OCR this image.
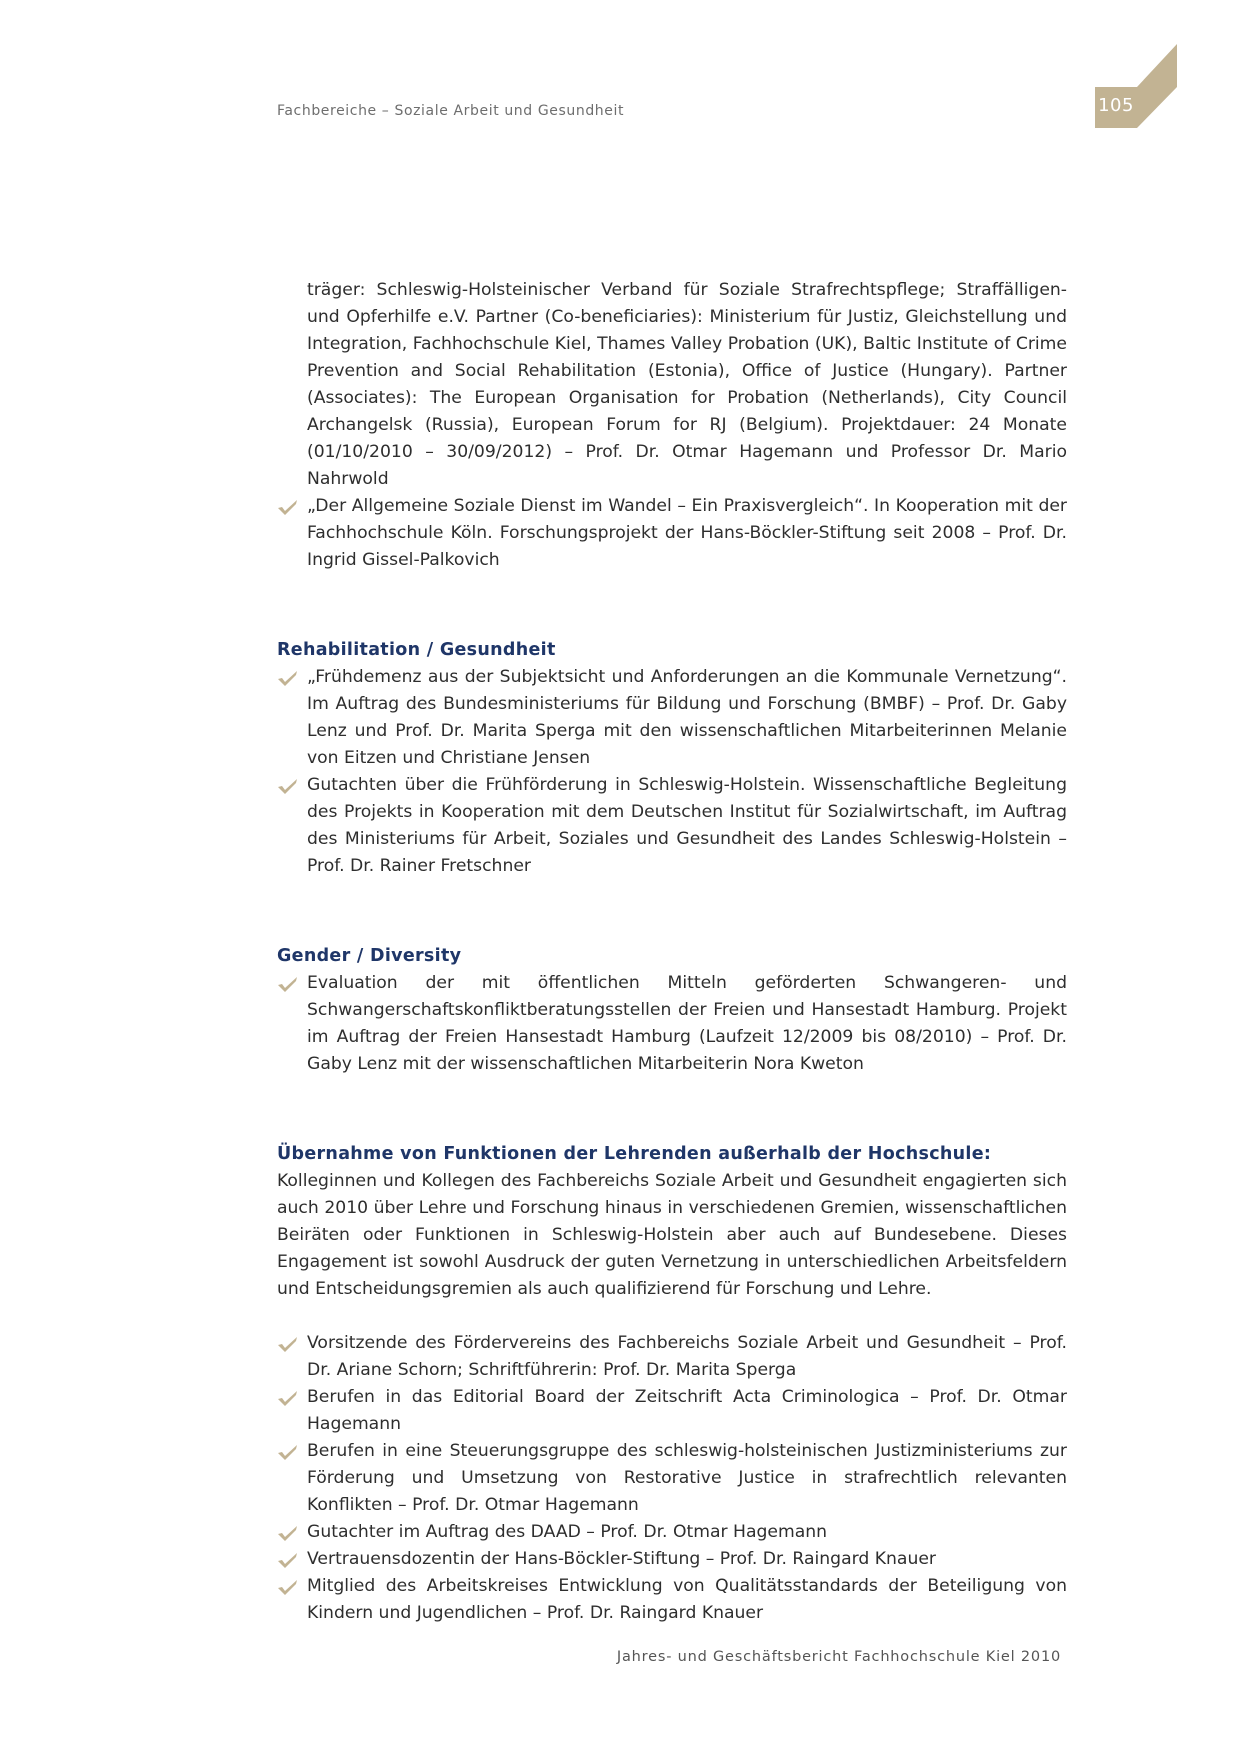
Fachbereiche – Soziale Arbeit und Gesundheit	105

träger: Schleswig-Holsteinischer Verband für Soziale Strafrechtspflege; Straffälligen- und Opferhilfe e.V. Partner (Co-beneficiaries): Ministerium für Justiz, Gleichstellung und Integration, Fachhochschule Kiel, Thames Valley Probation (UK), Baltic Institute of Crime Prevention and Social Rehabilitation (Estonia), Office of Justice (Hungary). Partner (Associates): The European Organisation for Probation (Netherlands), City Council Archangelsk (Russia), European Forum for RJ (Belgium). Projektdauer: 24 Monate (01/10/2010 – 30/09/2012) – Prof. Dr. Otmar Hagemann und Professor Dr. Mario Nahrwold

„Der Allgemeine Soziale Dienst im Wandel – Ein Praxisvergleich“. In Kooperation mit der Fachhochschule Köln. Forschungsprojekt der Hans-Böckler-Stiftung seit 2008 – Prof. Dr. Ingrid Gissel-Palkovich
Rehabilitation / Gesundheit
„Frühdemenz aus der Subjektsicht und Anforderungen an die Kommunale Vernetzung“. Im Auftrag des Bundesministeriums für Bildung und Forschung (BMBF) – Prof. Dr. Gaby Lenz und Prof. Dr. Marita Sperga mit den wissenschaftlichen Mitarbeiterinnen Melanie von Eitzen und Christiane Jensen
Gutachten über die Frühförderung in Schleswig-Holstein. Wissenschaftliche Begleitung des Projekts in Kooperation mit dem Deutschen Institut für Sozialwirtschaft, im Auftrag des Ministeriums für Arbeit, Soziales und Gesundheit des Landes Schleswig-Holstein – Prof. Dr. Rainer Fretschner
Gender / Diversity
Evaluation der mit öffentlichen Mitteln geförderten Schwangeren- und Schwangerschaftskonfliktberatungsstellen der Freien und Hansestadt Hamburg. Projekt im Auftrag der Freien Hansestadt Hamburg (Laufzeit 12/2009 bis 08/2010) – Prof. Dr. Gaby Lenz mit der wissenschaftlichen Mitarbeiterin Nora Kweton
Übernahme von Funktionen der Lehrenden außerhalb der Hochschule:

Kolleginnen und Kollegen des Fachbereichs Soziale Arbeit und Gesundheit engagierten sich auch 2010 über Lehre und Forschung hinaus in verschiedenen Gremien, wissenschaftlichen Beiräten oder Funktionen in Schleswig-Holstein aber auch auf Bundesebene. Dieses Engagement ist sowohl Ausdruck der guten Vernetzung in unterschiedlichen Arbeitsfeldern und Entscheidungsgremien als auch qualifizierend für Forschung und Lehre.

Vorsitzende des Fördervereins des Fachbereichs Soziale Arbeit und Gesundheit – Prof. Dr. Ariane Schorn; Schriftführerin: Prof. Dr. Marita Sperga
Berufen in das Editorial Board der Zeitschrift Acta Criminologica – Prof. Dr. Otmar Hagemann
Berufen in eine Steuerungsgruppe des schleswig-holsteinischen Justizministeriums zur Förderung und Umsetzung von Restorative Justice in strafrechtlich relevanten Konflikten – Prof. Dr. Otmar Hagemann
Gutachter im Auftrag des DAAD – Prof. Dr. Otmar Hagemann
Vertrauensdozentin der Hans-Böckler-Stiftung – Prof. Dr. Raingard Knauer
Mitglied des Arbeitskreises Entwicklung von Qualitätsstandards der Beteiligung von Kindern und Jugendlichen – Prof. Dr. Raingard Knauer
Jahres- und Geschäftsbericht Fachhochschule Kiel 2010
